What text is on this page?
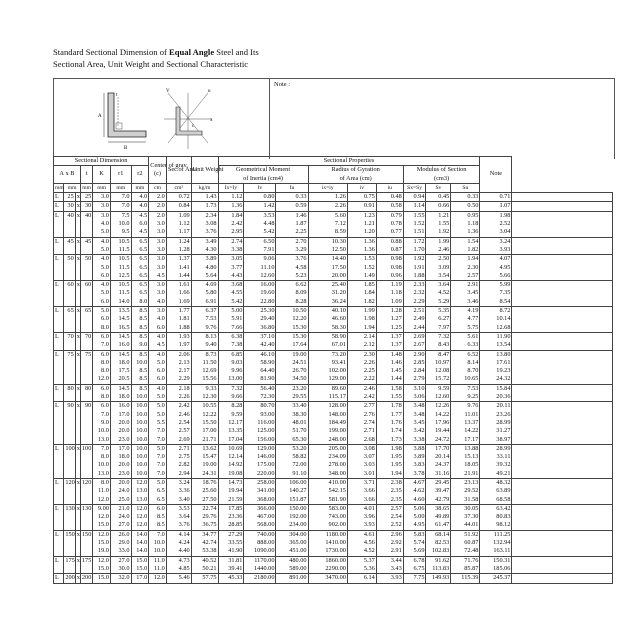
Standard Sectional Dimension of Equal Angle Steel and Its
Sectional Area, Unit Weight and Sectional Characteristic
A
B
t
V	u
c
x
Note :
Sectional Dimension							Center of grav.
(c)	Sec.of Area	Unit Weight	Sectional Properties									Note	
A x B			t	K	r1	r2				Geometrical Moment
of Inertia (cm4)			Radius of Gyration
of Area (cm)			Modulus of Section
(cm3)				
mm	mm		mm	mm	mm	mm	cm	cm²	kg/m	Ix=Iy	Iv	Iu	ix=iy	iv	iu	Sx=Sy	Sv	Su		
L	25	x	25	3.0	7.0	4.0	2.0	0.72	1.43	1.12	0.80	0.33	1.26	0.75	0.48	0.94	0.45	0.33	0.71	
L	30	x	30	3.0	7.0	4.0	2.0	0.84	1.73	1.36	1.42	0.59	2.26	0.91	0.58	1.14	0.66	0.50	1.07	
L	40	x	40	3.0	7.5	4.5	2.0	1.09	2.34	1.84	3.53	1.46	5.60	1.23	0.79	1.55	1.21	0.95	1.98	
				4.0	10.0	6.0	3.0	1.12	3.08	2.42	4.48	1.87	7.12	1.21	0.78	1.52	1.55	1.18	2.52	
				5.0	9.5	4.5	3.0	1.17	3.76	2.95	5.42	2.25	8.59	1.20	0.77	1.51	1.92	1.36	3.04	
L	45	x	45	4.0	10.5	6.5	3.0	1.24	3.49	2.74	6.50	2.70	10.30	1.36	0.88	1.72	1.99	1.54	3.24	
				5.0	11.5	6.5	3.0	1.28	4.30	3.38	7.91	3.29	12.50	1.36	0.87	1.70	2.46	1.82	3.93	
L	50	x	50	4.0	10.5	6.5	3.0	1.37	3.89	3.05	9.06	3.76	14.40	1.53	0.98	1.92	2.50	1.94	4.07	
				5.0	11.5	6.5	3.0	1.41	4.80	3.77	11.10	4.58	17.50	1.52	0.98	1.91	3.09	2.30	4.95	
				6.0	12.5	6.5	4.5	1.44	5.64	4.43	12.60	5.23	20.00	1.49	0.96	1.88	3.54	2.57	5.66	
L	60	x	60	4.0	10.5	6.5	3.0	1.61	4.69	3.68	16.00	6.62	25.40	1.85	1.19	2.33	3.64	2.91	5.99	
				5.0	11.5	6.5	3.0	1.66	5.80	4.55	19.60	8.09	31.20	1.84	1.18	2.32	4.52	3.45	7.35	
				6.0	14.0	8.0	4.0	1.69	6.91	5.42	22.80	8.28	36.24	1.82	1.09	2.29	5.29	3.46	8.54	
L	65	x	65	5.0	13.5	8.5	3.0	1.77	6.37	5.00	25.30	10.50	40.10	1.99	1.28	2.51	5.35	4.19	8.72	
				6.0	14.5	8.5	4.0	1.81	7.53	5.91	29.40	12.20	46.60	1.98	1.27	2.49	6.27	4.77	10.14	
				8.0	16.5	8.5	6.0	1.88	9.76	7.66	36.80	15.30	58.30	1.94	1.25	2.44	7.97	5.75	12.68	
L	70	x	70	6.0	14.5	8.5	4.0	1.93	8.13	6.38	37.10	15.30	58.90	2.14	1.37	2.69	7.32	5.61	11.90	
				7.0	16.0	9.0	4.5	1.97	9.40	7.38	42.40	17.64	67.01	2.12	1.37	2.67	8.43	6.33	13.54	
L	75	x	75	6.0	14.5	8.5	4.0	2.06	8.73	6.85	46.10	19.00	73.20	2.30	1.48	2.90	8.47	6.52	13.80	
				8.0	18.0	10.0	5.0	2.13	11.50	9.03	58.90	24.51	93.41	2.26	1.46	2.85	10.97	8.14	17.61	
				8.0	17.5	8.5	6.0	2.17	12.69	9.96	64.40	26.70	102.00	2.25	1.45	2.84	12.08	8.70	19.23	
				12.0	20.5	8.5	6.0	2.29	15.56	13.00	81.90	34.50	129.00	2.22	1.44	2.79	15.72	10.65	24.32	
L	80	x	80	6.0	14.5	8.5	4.0	2.18	9.33	7.32	56.40	23.20	89.60	2.46	1.58	3.10	9.59	7.53	15.84	
				8.0	18.0	10.0	5.0	2.26	12.30	9.66	72.30	29.55	115.17	2.42	1.55	3.06	12.60	9.25	20.36	
L	90	x	90	6.0	16.0	10.0	5.0	2.42	10.55	8.28	80.70	33.40	128.00	2.77	1.78	3.48	12.26	9.76	20.11	
				7.0	17.0	10.0	5.0	2.46	12.22	9.59	93.00	38.30	148.00	2.76	1.77	3.48	14.22	11.01	23.26	
				9.0	20.0	10.0	5.5	2.54	15.50	12.17	116.00	48.01	184.49	2.74	1.76	3.45	17.96	13.37	28.99	
				10.0	20.0	10.0	7.0	2.57	17.00	13.35	125.00	51.70	199.00	2.71	1.74	3.42	19.44	14.22	31.27	
				13.0	23.0	10.0	7.0	2.69	21.71	17.04	156.00	65.30	248.00	2.68	1.73	3.38	24.72	17.17	38.97	
L	100	x	100	7.0	17.0	10.0	5.0	2.71	13.62	10.69	129.00	53.20	205.00	3.08	1.98	3.88	17.70	13.88	28.99	
				8.0	18.0	10.0	7.0	2.75	15.47	12.14	146.00	58.82	234.09	3.07	1.95	3.89	20.14	15.13	33.11	
				10.0	20.0	10.0	7.0	2.82	19.00	14.92	175.00	72.00	278.00	3.03	1.95	3.83	24.37	18.05	39.32	
				13.0	23.0	10.0	7.0	2.94	24.31	19.08	220.00	91.10	348.00	3.01	1.94	3.78	31.16	21.91	49.21	
L	120	x	120	8.0	20.0	12.0	5.0	3.24	18.76	14.73	258.00	106.00	410.00	3.71	2.38	4.67	29.45	23.13	48.32	
				11.0	24.0	13.0	6.5	3.36	25.60	19.94	341.00	140.27	542.15	3.66	2.35	4.62	39.47	29.52	63.89	
				12.0	25.0	13.0	6.5	3.40	27.50	21.59	368.00	151.87	581.90	3.66	2.35	4.60	42.79	31.58	68.58	
L	130	x	130	9.00	21.0	12.0	6.0	3.53	22.74	17.85	366.00	150.00	583.00	4.01	2.57	5.06	38.65	30.05	63.42	
				12.0	24.0	12.0	8.5	3.64	29.76	23.36	467.00	192.00	743.00	3.96	2.54	5.00	49.89	37.30	80.83	
				15.0	27.0	12.0	8.5	3.76	36.75	28.85	568.00	234.00	902.00	3.93	2.52	4.95	61.47	44.01	98.12	
L	150	x	150	12.0	26.0	14.0	7.0	4.14	34.77	27.29	740.00	304.00	1180.00	4.61	2.96	5.83	68.14	51.92	111.25	
				15.0	29.0	14.0	10.0	4.24	42.74	33.55	888.00	365.00	1410.00	4.56	2.92	5.74	82.53	60.87	132.94	
				19.0	33.0	14.0	10.0	4.40	53.38	41.90	1090.00	451.00	1730.00	4.52	2.91	5.69	102.83	72.48	163.11	
L	175	x	175	12.0	27.0	15.0	11.0	4.73	40.52	31.81	1170.00	480.00	1860.00	5.37	3.44	6.78	91.62	71.76	150.31	
				15.0	30.0	15.0	11.0	4.85	50.21	39.41	1440.00	589.00	2290.00	5.36	3.43	6.75	113.83	85.87	185.06	
L	200	x	200	15.0	32.0	17.0	12.0	5.46	57.75	45.33	2180.00	891.00	3470.00	6.14	3.93	7.75	149.93	115.39	245.37	
